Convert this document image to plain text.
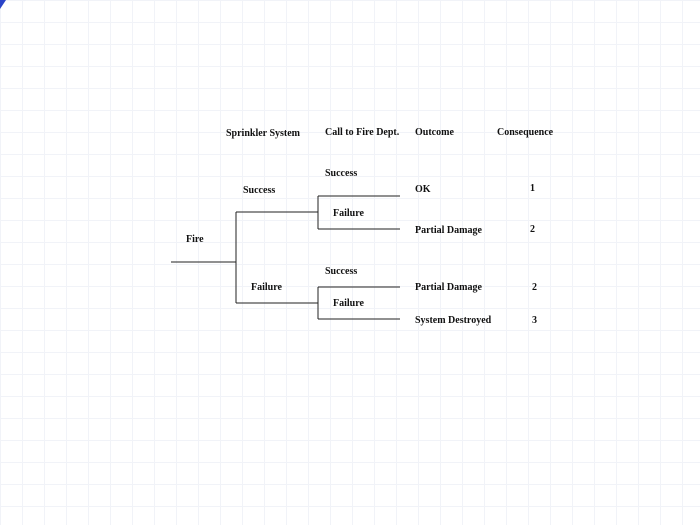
Sprinkler System	Call to Fire Dept. Outcome	Consequence
Fire
Success
Failure
Success
Failure
Success
Failure
OK
Partial Damage
Partial Damage
System Destroyed
1
2
2
3
